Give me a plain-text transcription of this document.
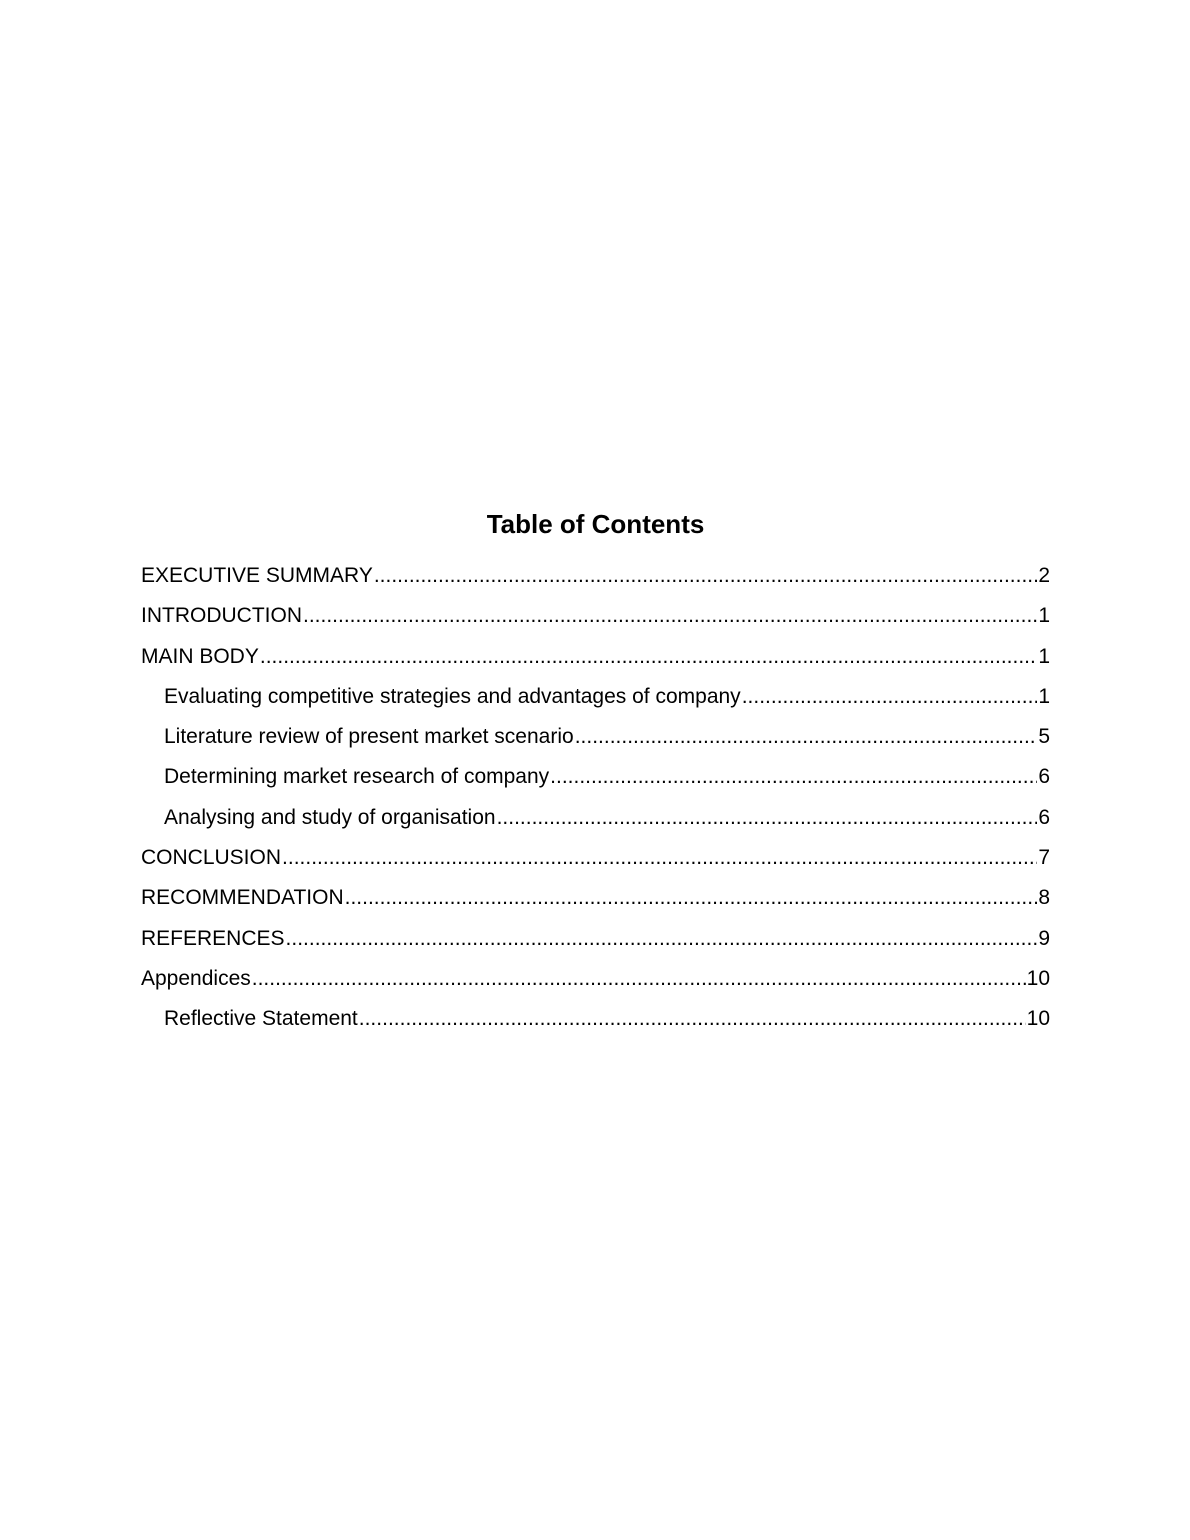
Table of Contents
EXECUTIVE SUMMARY .....	2
INTRODUCTION .....	1
MAIN BODY .....	1
Evaluating competitive strategies and advantages of company .....	1
Literature review of present market scenario .....	5
Determining market research of company .....	6
Analysing and study of organisation .....	6
CONCLUSION .....	7
RECOMMENDATION .....	8
REFERENCES .....	9
Appendices .....	10
Reflective Statement .....	10
